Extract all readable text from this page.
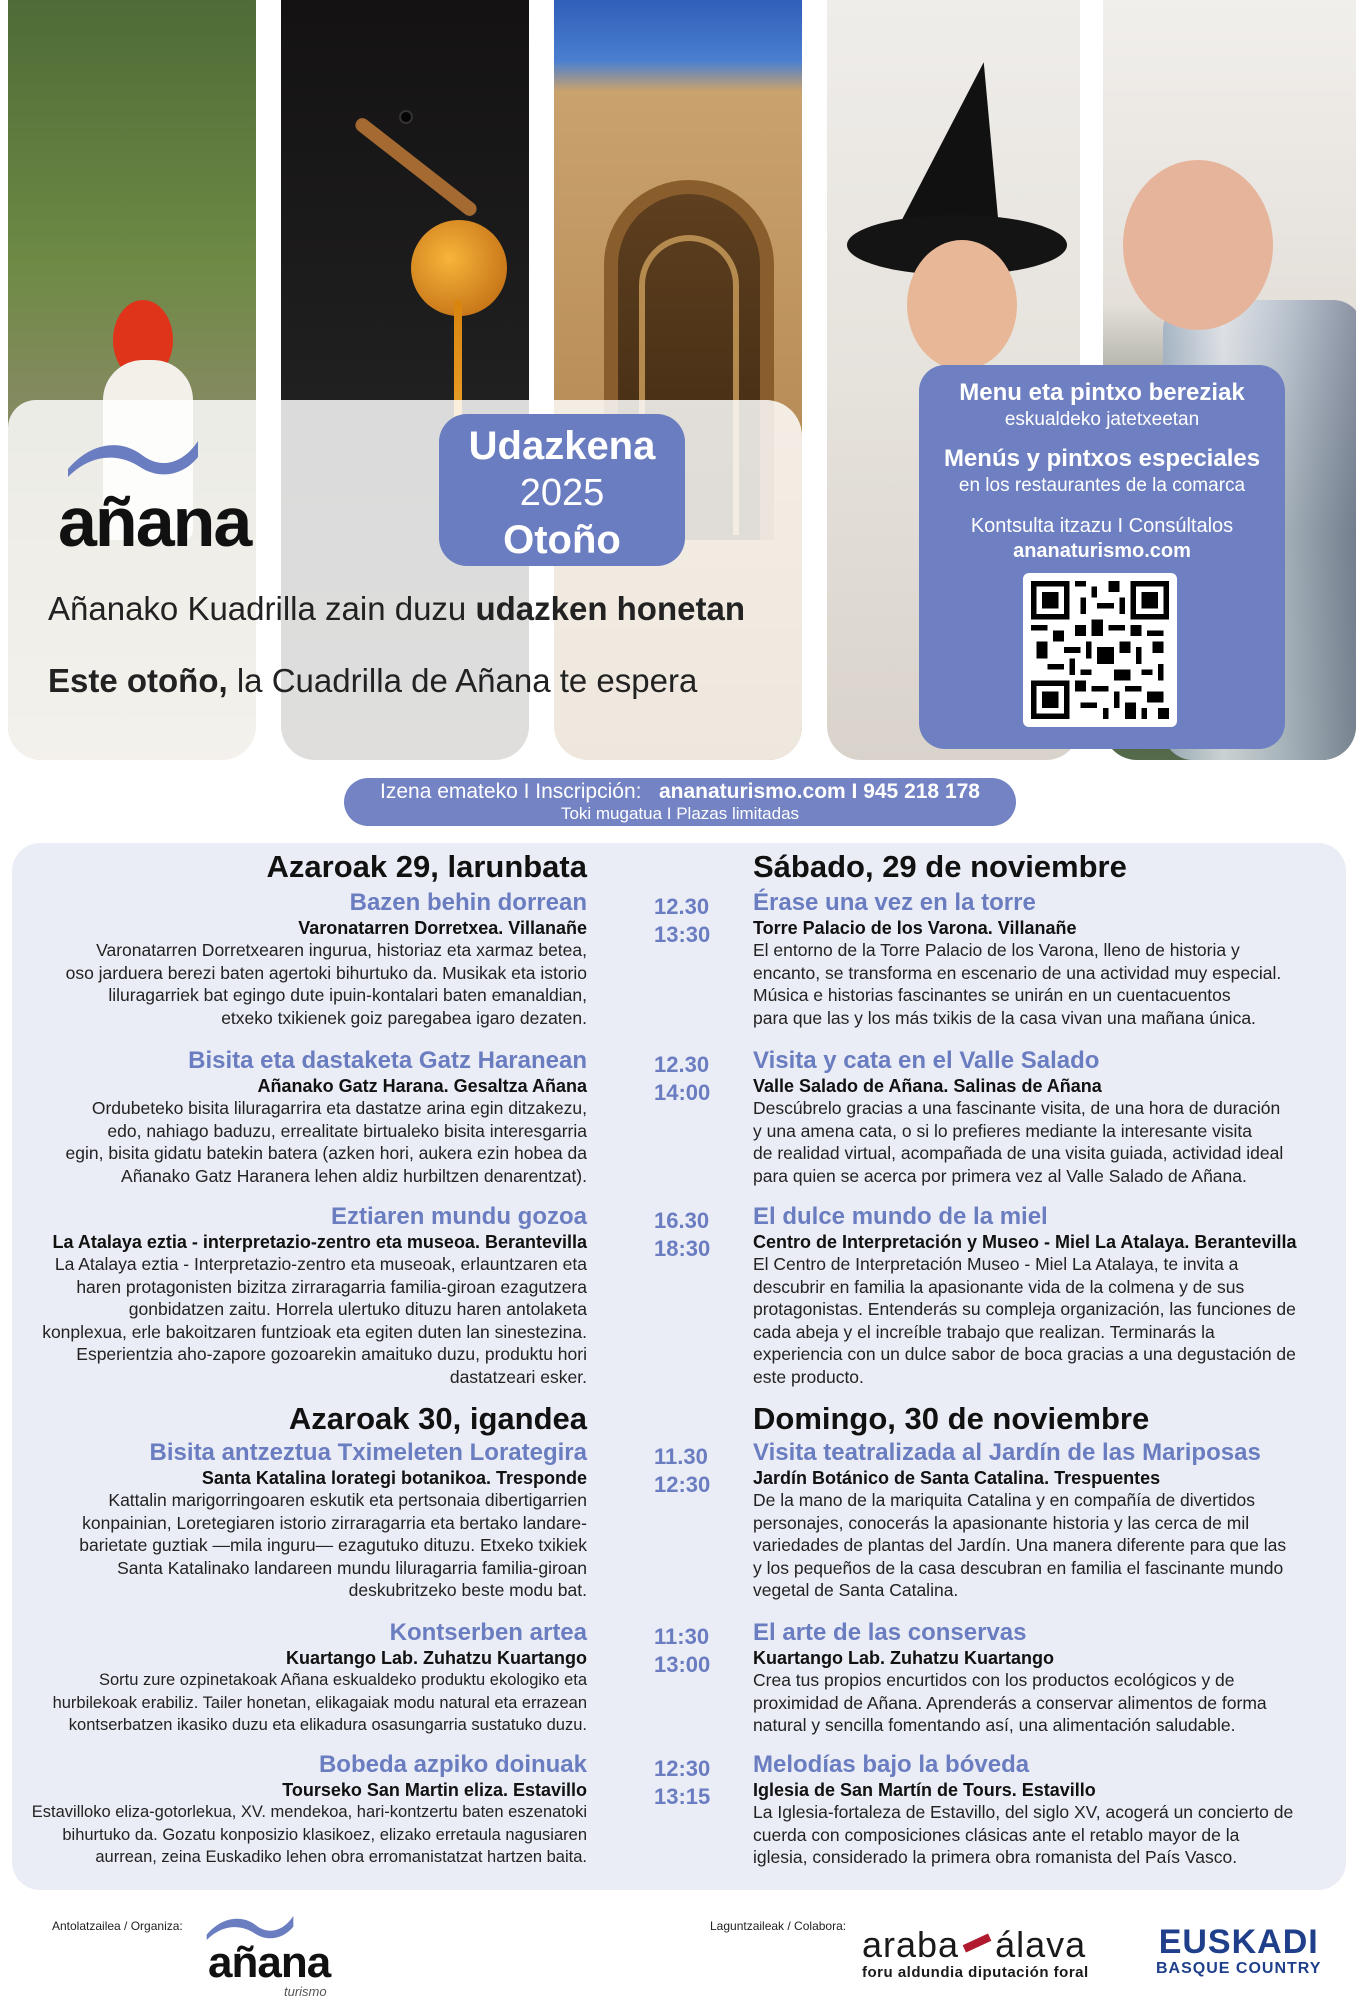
añana
Udazkena
2025
Otoño
Añanako Kuadrilla zain duzu udazken honetan
Este otoño, la Cuadrilla de Añana te espera
Menu eta pintxo bereziak
eskualdeko jatetxeetan
Menús y pintxos especiales
en los restaurantes de la comarca
Kontsulta itzazu I Consúltalos
ananaturismo.com
Izena emateko I Inscripción: ananaturismo.com I 945 218 178
Toki mugatua I Plazas limitadas
Azaroak 29, larunbata	Sábado, 29 de noviembre
Bazen behin dorrean
Varonatarren Dorretxea. Villanañe
Varonatarren Dorretxearen ingurua, historiaz eta xarmaz betea,
oso jarduera berezi baten agertoki bihurtuko da. Musikak eta istorio
liluragarriek bat egingo dute ipuin-kontalari baten emanaldian,
etxeko txikienek goiz paregabea igaro dezaten.
12.30
13:30
Érase una vez en la torre
Torre Palacio de los Varona. Villanañe
El entorno de la Torre Palacio de los Varona, lleno de historia y
encanto, se transforma en escenario de una actividad muy especial.
Música e historias fascinantes se unirán en un cuentacuentos
para que las y los más txikis de la casa vivan una mañana única.
Bisita eta dastaketa Gatz Haranean
Añanako Gatz Harana. Gesaltza Añana
Ordubeteko bisita liluragarrira eta dastatze arina egin ditzakezu,
edo, nahiago baduzu, errealitate birtualeko bisita interesgarria
egin, bisita gidatu batekin batera (azken hori, aukera ezin hobea da
Añanako Gatz Haranera lehen aldiz hurbiltzen denarentzat).
12.30
14:00
Visita y cata en el Valle Salado
Valle Salado de Añana. Salinas de Añana
Descúbrelo gracias a una fascinante visita, de una hora de duración
y una amena cata, o si lo prefieres mediante la interesante visita
de realidad virtual, acompañada de una visita guiada, actividad ideal
para quien se acerca por primera vez al Valle Salado de Añana.
Eztiaren mundu gozoa
La Atalaya eztia - interpretazio-zentro eta museoa. Berantevilla
La Atalaya eztia - Interpretazio-zentro eta museoak, erlauntzaren eta
haren protagonisten bizitza zirraragarria familia-giroan ezagutzera
gonbidatzen zaitu. Horrela ulertuko dituzu haren antolaketa
konplexua, erle bakoitzaren funtzioak eta egiten duten lan sinestezina.
Esperientzia aho-zapore gozoarekin amaituko duzu, produktu hori
dastatzeari esker.
16.30
18:30
El dulce mundo de la miel
Centro de Interpretación y Museo - Miel La Atalaya. Berantevilla
El Centro de Interpretación Museo - Miel La Atalaya, te invita a
descubrir en familia la apasionante vida de la colmena y de sus
protagonistas. Entenderás su compleja organización, las funciones de
cada abeja y el increíble trabajo que realizan. Terminarás la
experiencia con un dulce sabor de boca gracias a una degustación de
este producto.
Azaroak 30, igandea	Domingo, 30 de noviembre
Bisita antzeztua Tximeleten Lorategira
Santa Katalina lorategi botanikoa. Tresponde
Kattalin marigorringoaren eskutik eta pertsonaia dibertigarrien
konpainian, Loretegiaren istorio zirraragarria eta bertako landare-
barietate guztiak —mila inguru— ezagutuko dituzu. Etxeko txikiek
Santa Katalinako landareen mundu liluragarria familia-giroan
deskubritzeko beste modu bat.
11.30
12:30
Visita teatralizada al Jardín de las Mariposas
Jardín Botánico de Santa Catalina. Trespuentes
De la mano de la mariquita Catalina y en compañía de divertidos
personajes, conocerás la apasionante historia y las cerca de mil
variedades de plantas del Jardín. Una manera diferente para que las
y los pequeños de la casa descubran en familia el fascinante mundo
vegetal de Santa Catalina.
Kontserben artea
Kuartango Lab. Zuhatzu Kuartango
Sortu zure ozpinetakoak Añana eskualdeko produktu ekologiko eta
hurbilekoak erabiliz. Tailer honetan, elikagaiak modu natural eta errazean
kontserbatzen ikasiko duzu eta elikadura osasungarria sustatuko duzu.
11:30
13:00
El arte de las conservas
Kuartango Lab. Zuhatzu Kuartango
Crea tus propios encurtidos con los productos ecológicos y de
proximidad de Añana. Aprenderás a conservar alimentos de forma
natural y sencilla fomentando así, una alimentación saludable.
Bobeda azpiko doinuak
Tourseko San Martin eliza. Estavillo
Estavilloko eliza-gotorlekua, XV. mendekoa, hari-kontzertu baten eszenatoki
bihurtuko da. Gozatu konposizio klasikoez, elizako erretaula nagusiaren
aurrean, zeina Euskadiko lehen obra erromanistatzat hartzen baita.
12:30
13:15
Melodías bajo la bóveda
Iglesia de San Martín de Tours. Estavillo
La Iglesia-fortaleza de Estavillo, del siglo XV, acogerá un concierto de
cuerda con composiciones clásicas ante el retablo mayor de la
iglesia, considerado la primera obra romanista del País Vasco.
Antolatzailea / Organiza:
añana
turismo
Laguntzaileak / Colabora: araba álava
foru aldundia diputación foral
EUSKADI
BASQUE COUNTRY
